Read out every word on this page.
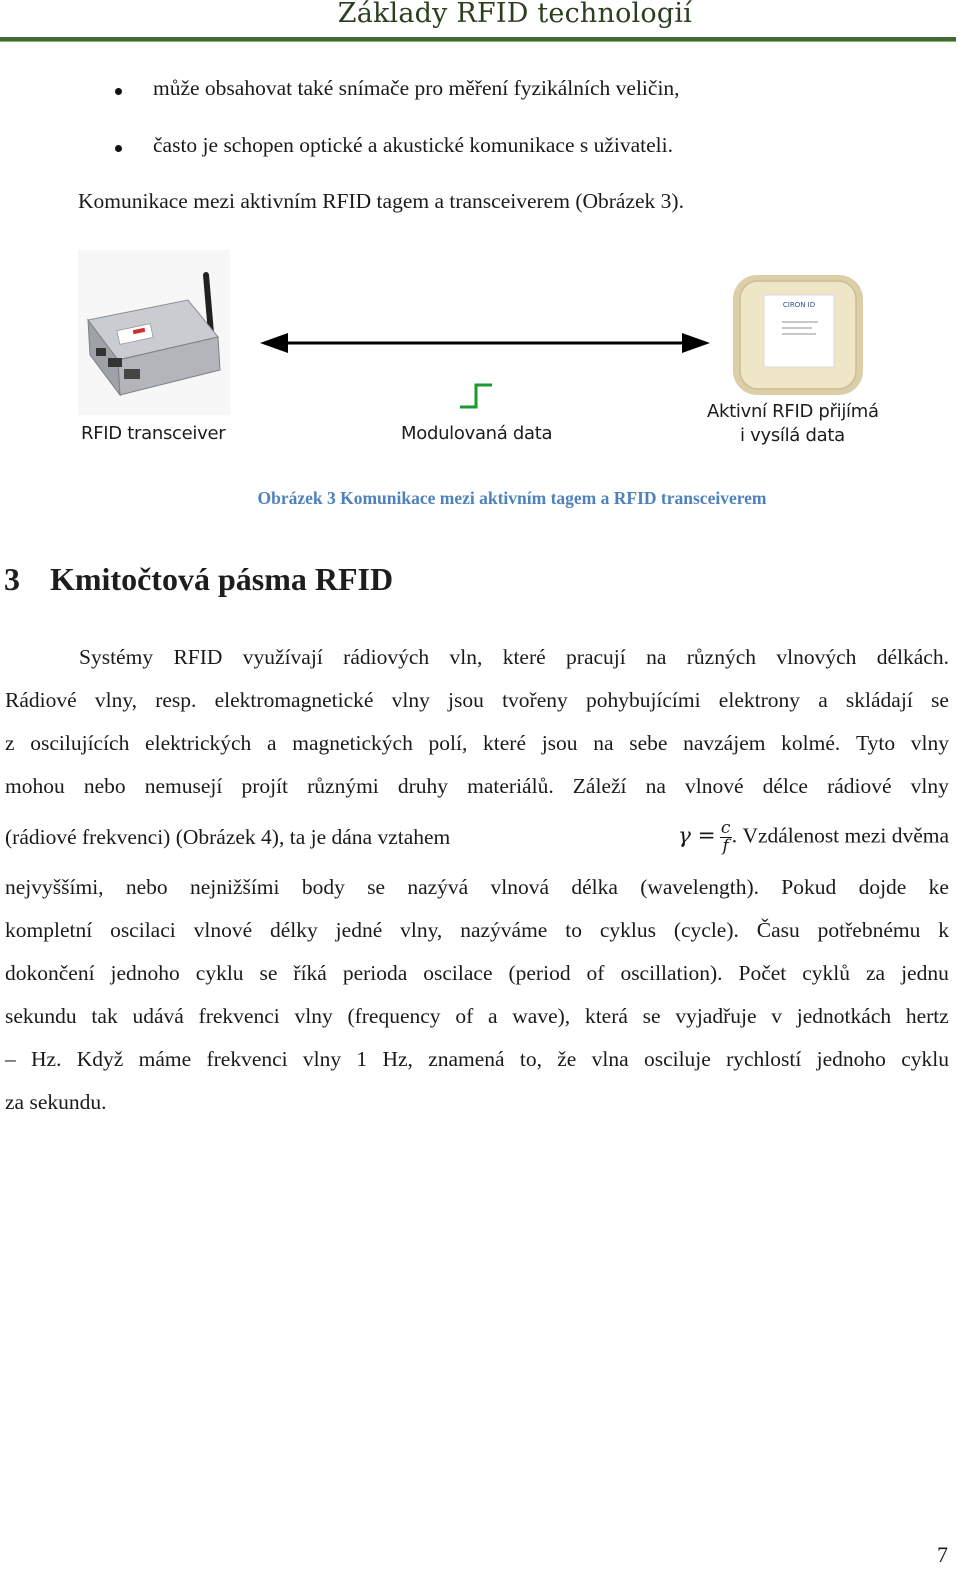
Základy RFID technologií
může obsahovat také snímače pro měření fyzikálních veličin,
často je schopen optické a akustické komunikace s uživateli.
Komunikace mezi aktivním RFID tagem a transceiverem (Obrázek 3).
CIRON ID
RFID transceiver	Modulovaná data
Aktivní RFID přijímá
i vysílá data
Obrázek 3 Komunikace mezi aktivním tagem a RFID transceiverem
3 Kmitočtová pásma RFID
Systémy RFID využívají rádiových vln, které pracují na různých vlnových délkách.
Rádiové vlny, resp. elektromagnetické vlny jsou tvořeny pohybujícími elektrony a skládají se
z oscilujících elektrických a magnetických polí, které jsou na sebe navzájem kolmé. Tyto vlny
mohou nebo nemusejí projít různými druhy materiálů. Záleží na vlnové délce rádiové vlny
(rádiové frekvenci) (Obrázek 4), ta je dána vztahem	$\gamma = \frac{c}{f}$ . Vzdálenost mezi dvěma
nejvyššími, nebo nejnižšími body se nazývá vlnová délka (wavelength). Pokud dojde ke
kompletní oscilaci vlnové délky jedné vlny, nazýváme to cyklus (cycle). Času potřebnému k
dokončení jednoho cyklu se říká perioda oscilace (period of oscillation). Počet cyklů za jednu
sekundu tak udává frekvenci vlny (frequency of a wave), která se vyjadřuje v jednotkách hertz
– Hz. Když máme frekvenci vlny 1 Hz, znamená to, že vlna osciluje rychlostí jednoho cyklu
za sekundu.
7
